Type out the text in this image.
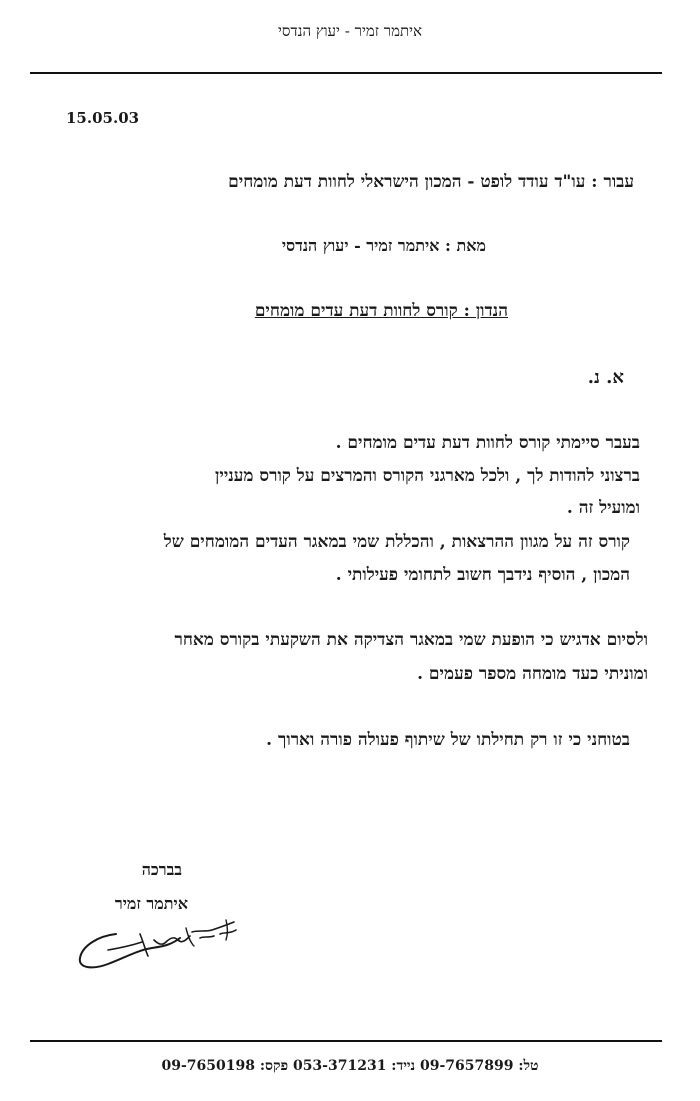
איתמר זמיר - יעוץ הנדסי
15.05.03
עבור : עו"ד עודד לופט - המכון הישראלי לחוות דעת מומחים
מאת : איתמר זמיר - יעוץ הנדסי
הנדון : קורס לחוות דעת עדים מומחים
א. נ.
בעבר סיימתי קורס לחוות דעת עדים מומחים .
ברצוני להודות לך , ולכל מארגני הקורס והמרצים על קורס מעניין
ומועיל זה .
קורס זה על מגוון ההרצאות , והכללת שמי במאגר העדים המומחים של
המכון , הוסיף נידבך חשוב לתחומי פעילותי .
ולסיום אדגיש כי הופעת שמי במאגר הצדיקה את השקעתי בקורס מאחר
ומוניתי כעד מומחה מספר פעמים .
בטוחני כי זו רק תחילתו של שיתוף פעולה פורה וארוך .
בברכה
איתמר זמיר
טל: 09-7657899 נייד: 053-371231 פקס: 09-7650198
